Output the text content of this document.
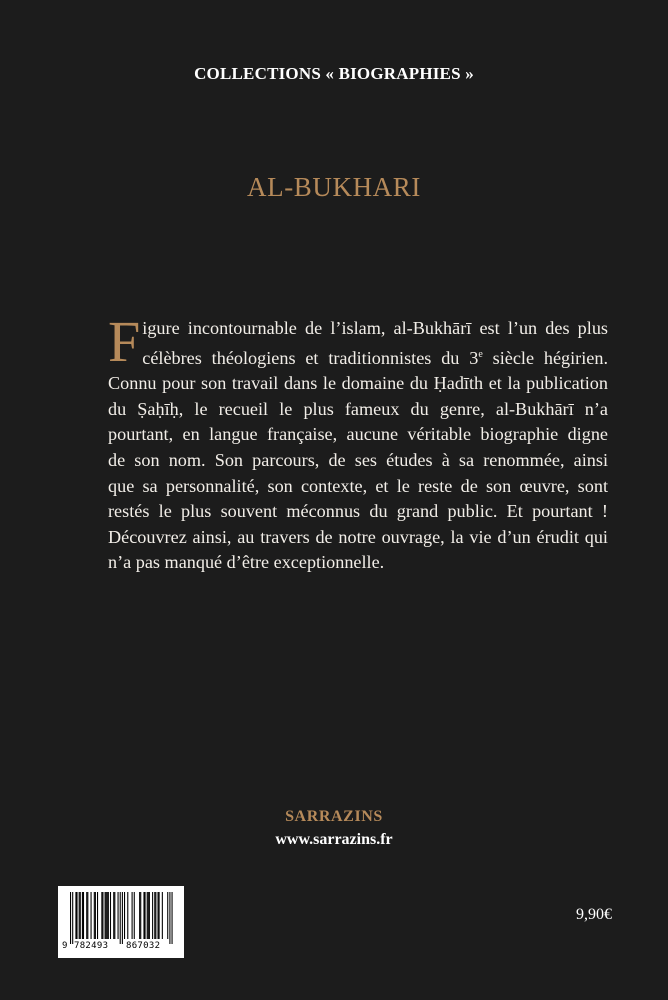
COLLECTIONS « BIOGRAPHIES »
AL-BUKHARI
F igure incontournable de l’islam, al-Bukhārī est l’un des plus
célèbres théologiens et traditionnistes du 3e siècle hégirien.
Connu pour son travail dans le domaine du Ḥadīth et la publication
du Ṣaḥīḥ, le recueil le plus fameux du genre, al-Bukhārī n’a
pourtant, en langue française, aucune véritable biographie digne
de son nom. Son parcours, de ses études à sa renommée, ainsi
que sa personnalité, son contexte, et le reste de son œuvre, sont
restés le plus souvent méconnus du grand public. Et pourtant !
Découvrez ainsi, au travers de notre ouvrage, la vie d’un érudit qui
n’a pas manqué d’être exceptionnelle.
SARRAZINS
www.sarrazins.fr
9 782493 867032
9,90€
